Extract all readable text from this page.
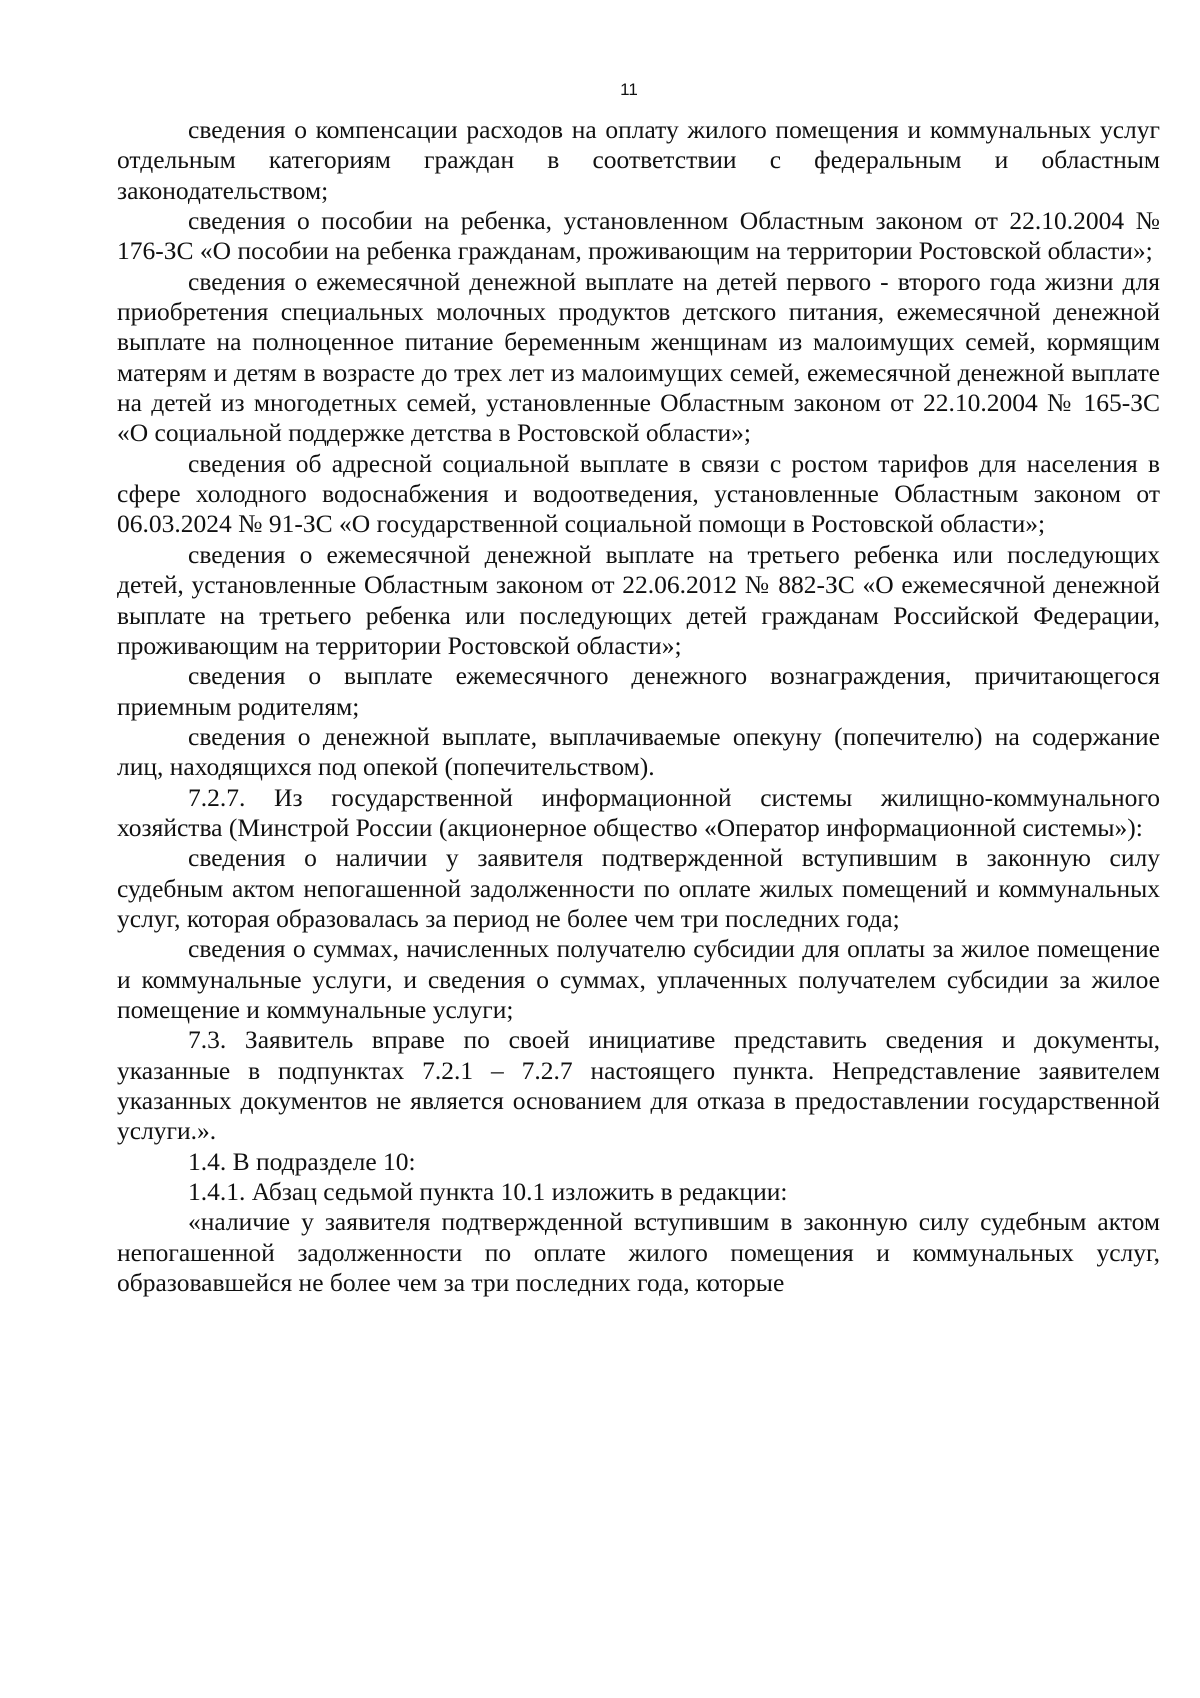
11

сведения о компенсации расходов на оплату жилого помещения и коммунальных услуг отдельным категориям граждан в соответствии с федеральным и областным законодательством;

сведения о пособии на ребенка, установленном Областным законом от 22.10.2004 № 176-ЗС «О пособии на ребенка гражданам, проживающим на территории Ростовской области»;

сведения о ежемесячной денежной выплате на детей первого - второго года жизни для приобретения специальных молочных продуктов детского питания, ежемесячной денежной выплате на полноценное питание беременным женщинам из малоимущих семей, кормящим матерям и детям в возрасте до трех лет из малоимущих семей, ежемесячной денежной выплате на детей из многодетных семей, установленные Областным законом от 22.10.2004 № 165-ЗС «О социальной поддержке детства в Ростовской области»;

сведения об адресной социальной выплате в связи с ростом тарифов для населения в сфере холодного водоснабжения и водоотведения, установленные Областным законом от 06.03.2024 № 91-ЗС «О государственной социальной помощи в Ростовской области»;

сведения о ежемесячной денежной выплате на третьего ребенка или последующих детей, установленные Областным законом от 22.06.2012 № 882-ЗС «О ежемесячной денежной выплате на третьего ребенка или последующих детей гражданам Российской Федерации, проживающим на территории Ростовской области»;

сведения о выплате ежемесячного денежного вознаграждения, причитающегося приемным родителям;

сведения о денежной выплате, выплачиваемые опекуну (попечителю) на содержание лиц, находящихся под опекой (попечительством).

7.2.7. Из государственной информационной системы жилищно-коммунального хозяйства (Минстрой России (акционерное общество «Оператор информационной системы»):

сведения о наличии у заявителя подтвержденной вступившим в законную силу судебным актом непогашенной задолженности по оплате жилых помещений и коммунальных услуг, которая образовалась за период не более чем три последних года;

сведения о суммах, начисленных получателю субсидии для оплаты за жилое помещение и коммунальные услуги, и сведения о суммах, уплаченных получателем субсидии за жилое помещение и коммунальные услуги;

7.3. Заявитель вправе по своей инициативе представить сведения и документы, указанные в подпунктах 7.2.1 – 7.2.7 настоящего пункта. Непредставление заявителем указанных документов не является основанием для отказа в предоставлении государственной услуги.».

1.4. В подразделе 10:

1.4.1. Абзац седьмой пункта 10.1 изложить в редакции:

«наличие у заявителя подтвержденной вступившим в законную силу судебным актом непогашенной задолженности по оплате жилого помещения и коммунальных услуг, образовавшейся не более чем за три последних года, которые
